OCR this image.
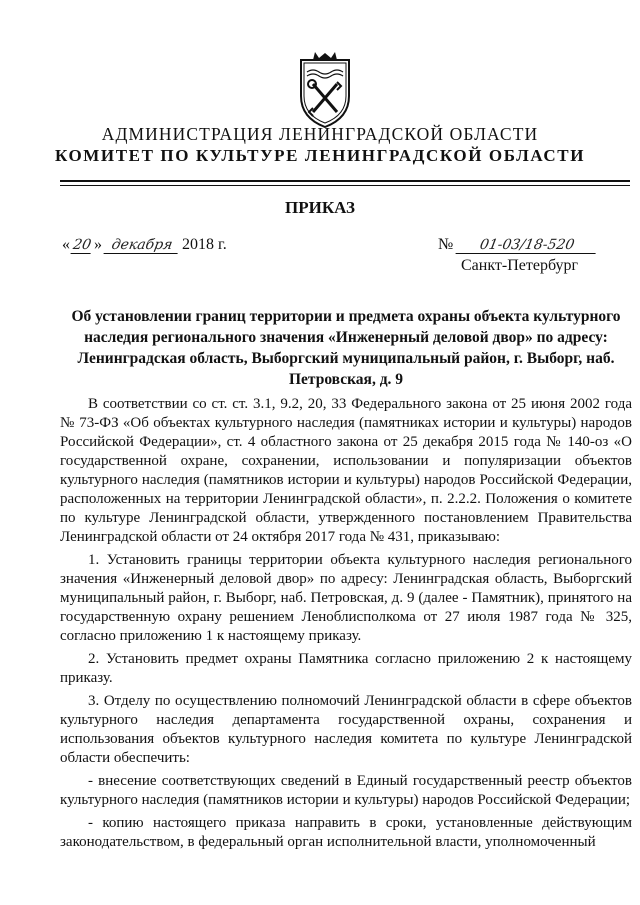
АДМИНИСТРАЦИЯ ЛЕНИНГРАДСКОЙ ОБЛАСТИ
КОМИТЕТ ПО КУЛЬТУРЕ ЛЕНИНГРАДСКОЙ ОБЛАСТИ
ПРИКАЗ
« 20 » декабря 2018 г.	№	01-03/18-520
Санкт-Петербург
Об установлении границ территории и предмета охраны объекта культурного наследия регионального значения «Инженерный деловой двор» по адресу: Ленинградская область, Выборгский муниципальный район, г. Выборг, наб. Петровская, д. 9

В соответствии со ст. ст. 3.1, 9.2, 20, 33 Федерального закона от 25 июня 2002 года № 73-ФЗ «Об объектах культурного наследия (памятниках истории и культуры) народов Российской Федерации», ст. 4 областного закона от 25 декабря 2015 года № 140-оз «О государственной охране, сохранении, использовании и популяризации объектов культурного наследия (памятников истории и культуры) народов Российской Федерации, расположенных на территории Ленинградской области», п. 2.2.2. Положения о комитете по культуре Ленинградской области, утвержденного постановлением Правительства Ленинградской области от 24 октября 2017 года № 431, приказываю:

1. Установить границы территории объекта культурного наследия регионального значения «Инженерный деловой двор» по адресу: Ленинградская область, Выборгский муниципальный район, г. Выборг, наб. Петровская, д. 9 (далее - Памятник), принятого на государственную охрану решением Леноблисполкома от 27 июля 1987 года № 325, согласно приложению 1 к настоящему приказу.

2. Установить предмет охраны Памятника согласно приложению 2 к настоящему приказу.

3. Отделу по осуществлению полномочий Ленинградской области в сфере объектов культурного наследия департамента государственной охраны, сохранения и использования объектов культурного наследия комитета по культуре Ленинградской области обеспечить:

- внесение соответствующих сведений в Единый государственный реестр объектов культурного наследия (памятников истории и культуры) народов Российской Федерации;

- копию настоящего приказа направить в сроки, установленные действующим законодательством, в федеральный орган исполнительной власти, уполномоченный
